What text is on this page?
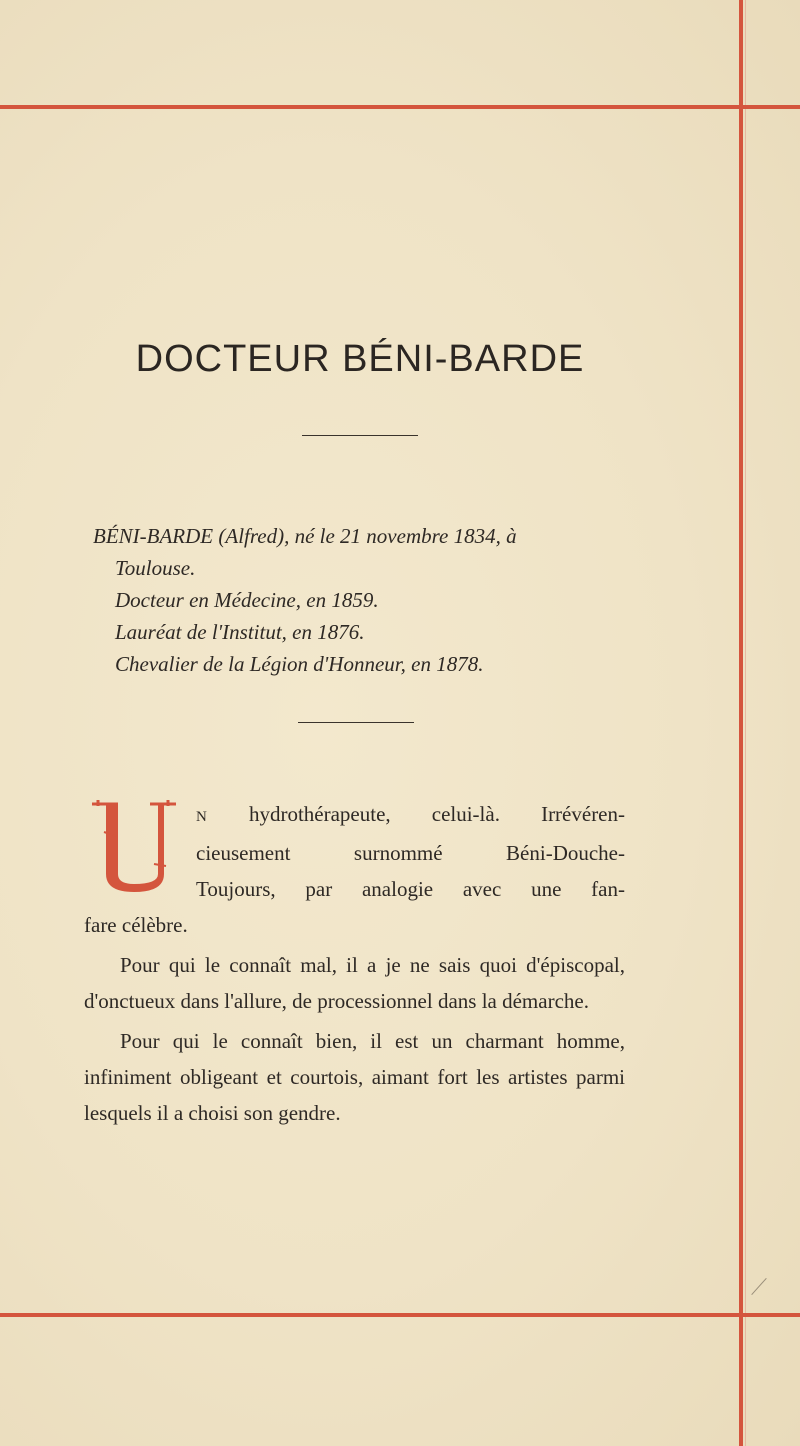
DOCTEUR BÉNI-BARDE
BÉNI-BARDE (Alfred), né le 21 novembre 1834, à
Toulouse.
Docteur en Médecine, en 1859.
Lauréat de l'Institut, en 1876.
Chevalier de la Légion d'Honneur, en 1878.
N hydrothérapeute, celui-là. Irrévéren-
cieusement surnommé Béni-Douche-
Toujours, par analogie avec une fan-
fare célèbre.

Pour qui le connaît mal, il a je ne sais quoi d'épiscopal, d'onctueux dans l'allure, de processionnel dans la démarche.

Pour qui le connaît bien, il est un charmant homme, infiniment obligeant et courtois, aimant fort les artistes parmi lesquels il a choisi son gendre.
